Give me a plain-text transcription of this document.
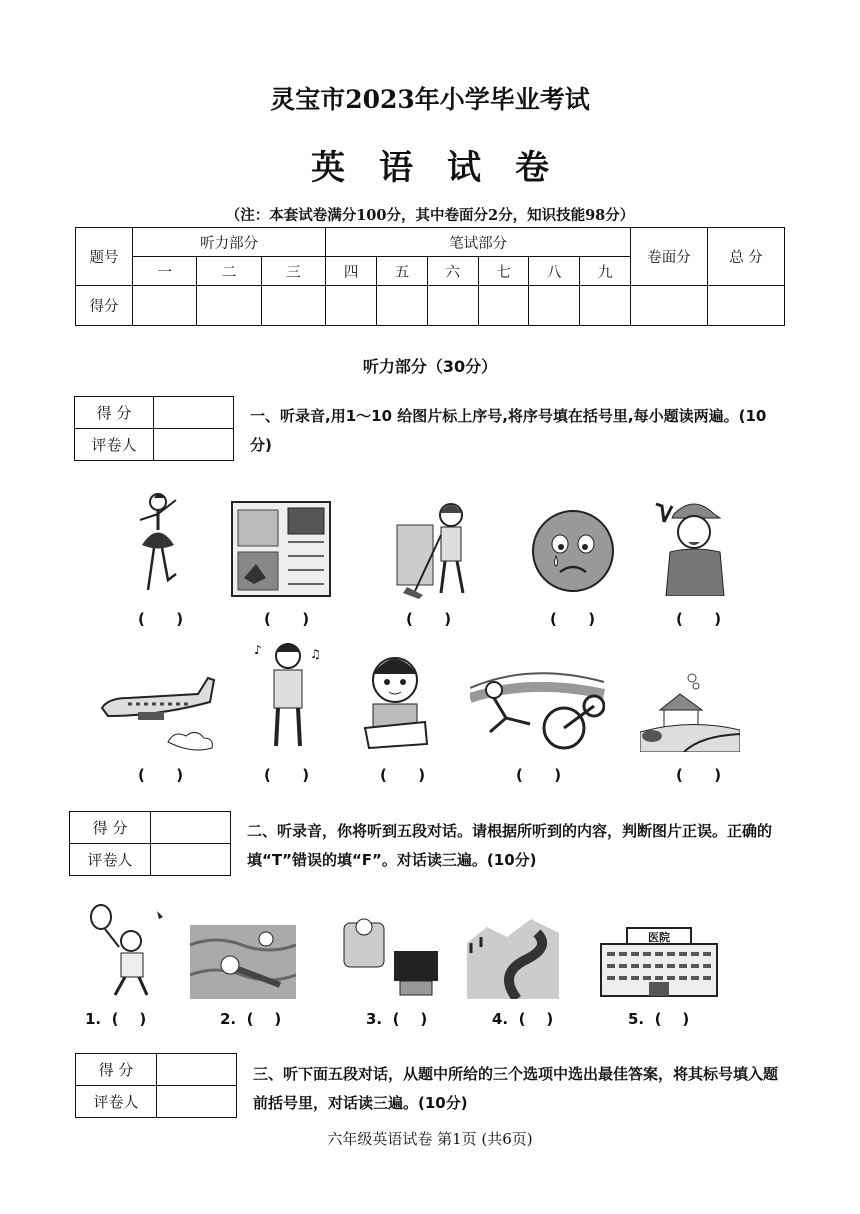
灵宝市2023年小学毕业考试
英语试卷
（注：本套试卷满分100分，其中卷面分2分，知识技能98分）
题号	听力部分			笔试部分						卷面分	总 分
	一	二	三	四	五	六	七	八	九		
得分											
听力部分（30分）
得 分	
评卷人	
一、听录音,用1～10 给图片标上序号,将序号填在括号里,每小题读两遍。(10分)
(      )	(      )	(      )	(      )	(      )
♪	♫
(      )	(      )	(      )	(      )	(      )
得 分	
评卷人	
二、听录音，你将听到五段对话。请根据所听到的内容，判断图片正误。正确的填“T”错误的填“F”。对话读三遍。(10分)
医院
1.  (    )	2.  (    )	3.  (    )	4.  (    )	5.  (    )
得 分	
评卷人	
三、听下面五段对话，从题中所给的三个选项中选出最佳答案，将其标号填入题前括号里，对话读三遍。(10分)
六年级英语试卷 第1页 (共6页)
